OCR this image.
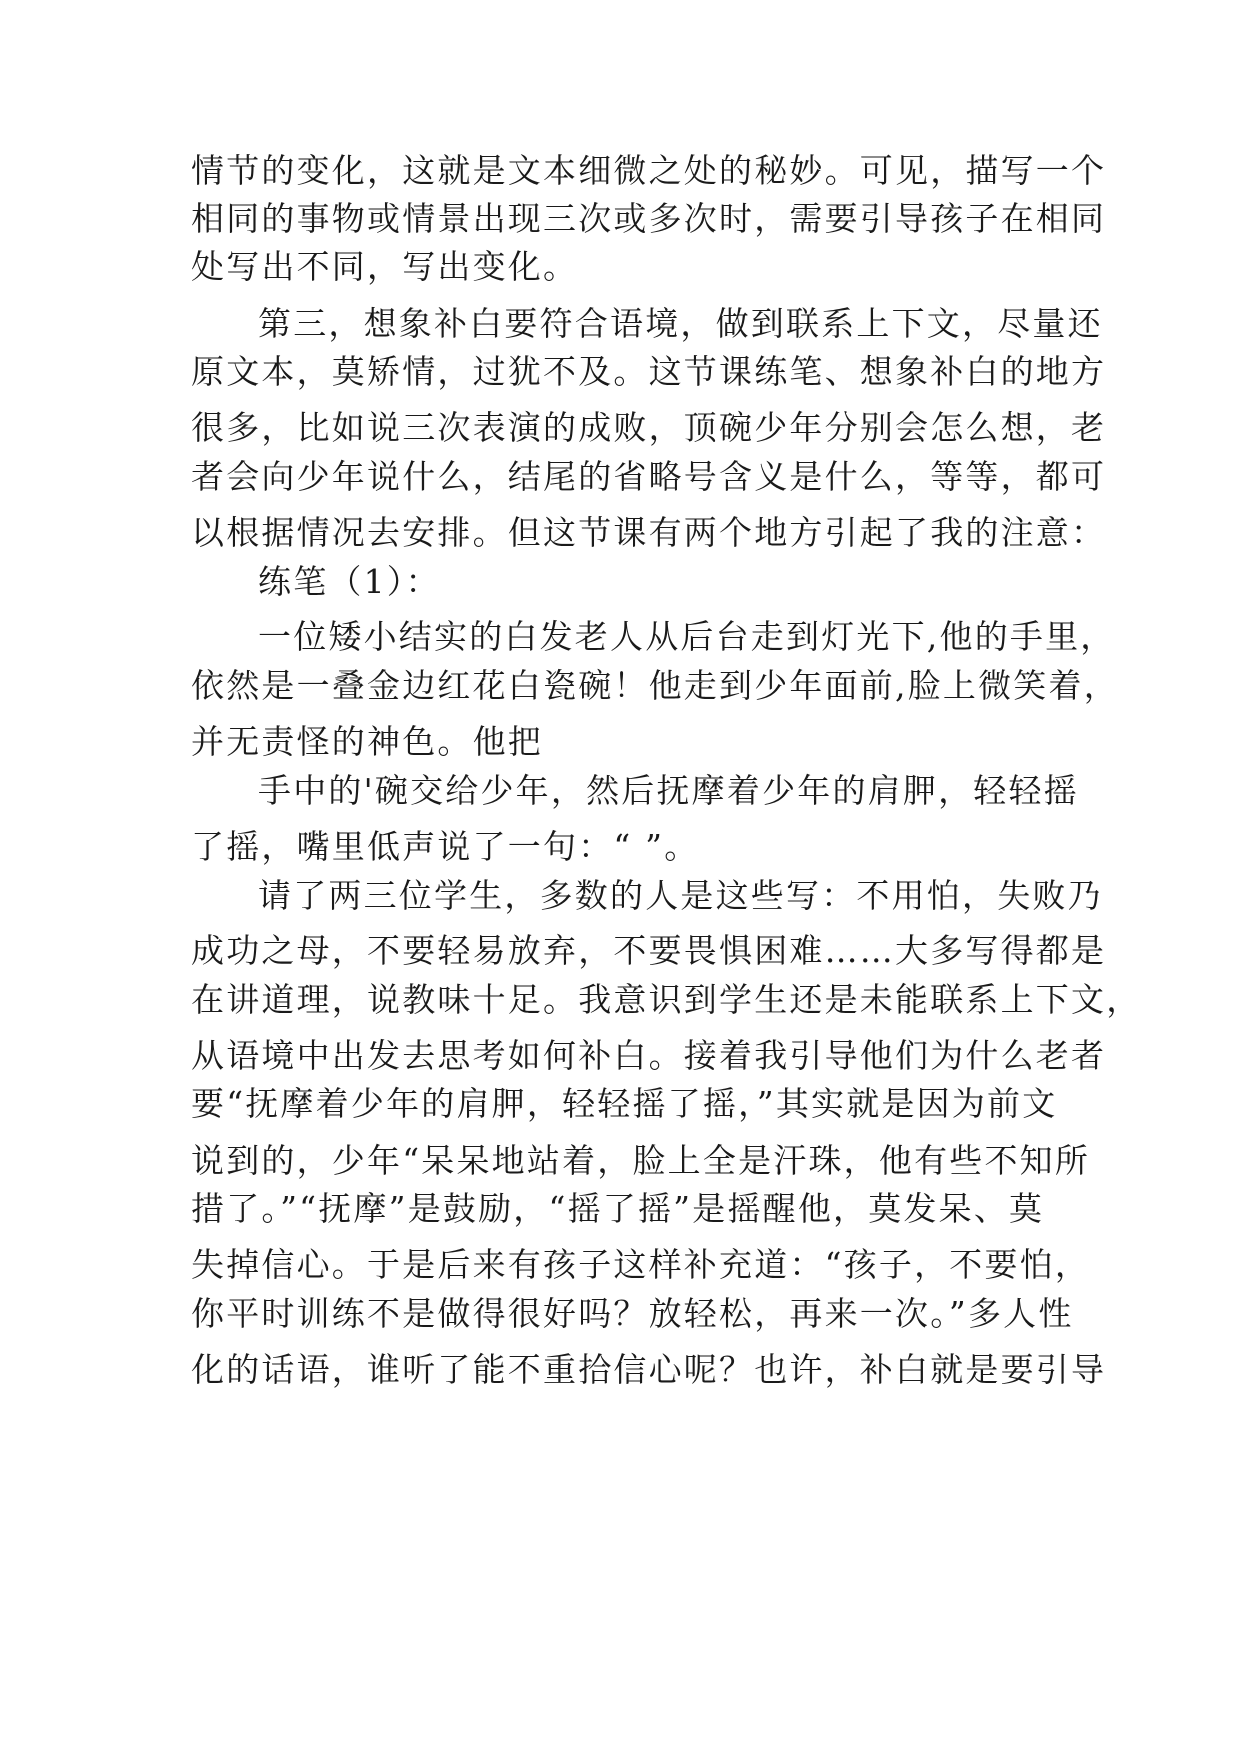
情节的变化，这就是文本细微之处的秘妙。可见，描写一个
相同的事物或情景出现三次或多次时，需要引导孩子在相同
处写出不同，写出变化。
第三，想象补白要符合语境，做到联系上下文，尽量还
原文本，莫矫情，过犹不及。这节课练笔、想象补白的地方
很多，比如说三次表演的成败，顶碗少年分别会怎么想，老
者会向少年说什么，结尾的省略号含义是什么，等等，都可
以根据情况去安排。但这节课有两个地方引起了我的注意：
练笔（1）：
一位矮小结实的白发老人从后台走到灯光下,他的手里，
依然是一叠金边红花白瓷碗！他走到少年面前,脸上微笑着，
并无责怪的神色。他把
手中的'碗交给少年，然后抚摩着少年的肩胛，轻轻摇
了摇，嘴里低声说了一句：“ ”。
请了两三位学生，多数的人是这些写：不用怕，失败乃
成功之母，不要轻易放弃，不要畏惧困难……大多写得都是
在讲道理，说教味十足。我意识到学生还是未能联系上下文，
从语境中出发去思考如何补白。接着我引导他们为什么老者
要“抚摩着少年的肩胛，轻轻摇了摇，”其实就是因为前文
说到的，少年“呆呆地站着，脸上全是汗珠，他有些不知所
措了。”“抚摩”是鼓励，“摇了摇”是摇醒他，莫发呆、莫
失掉信心。于是后来有孩子这样补充道：“孩子，不要怕，
你平时训练不是做得很好吗？放轻松，再来一次。”多人性
化的话语，谁听了能不重拾信心呢？也许，补白就是要引导
